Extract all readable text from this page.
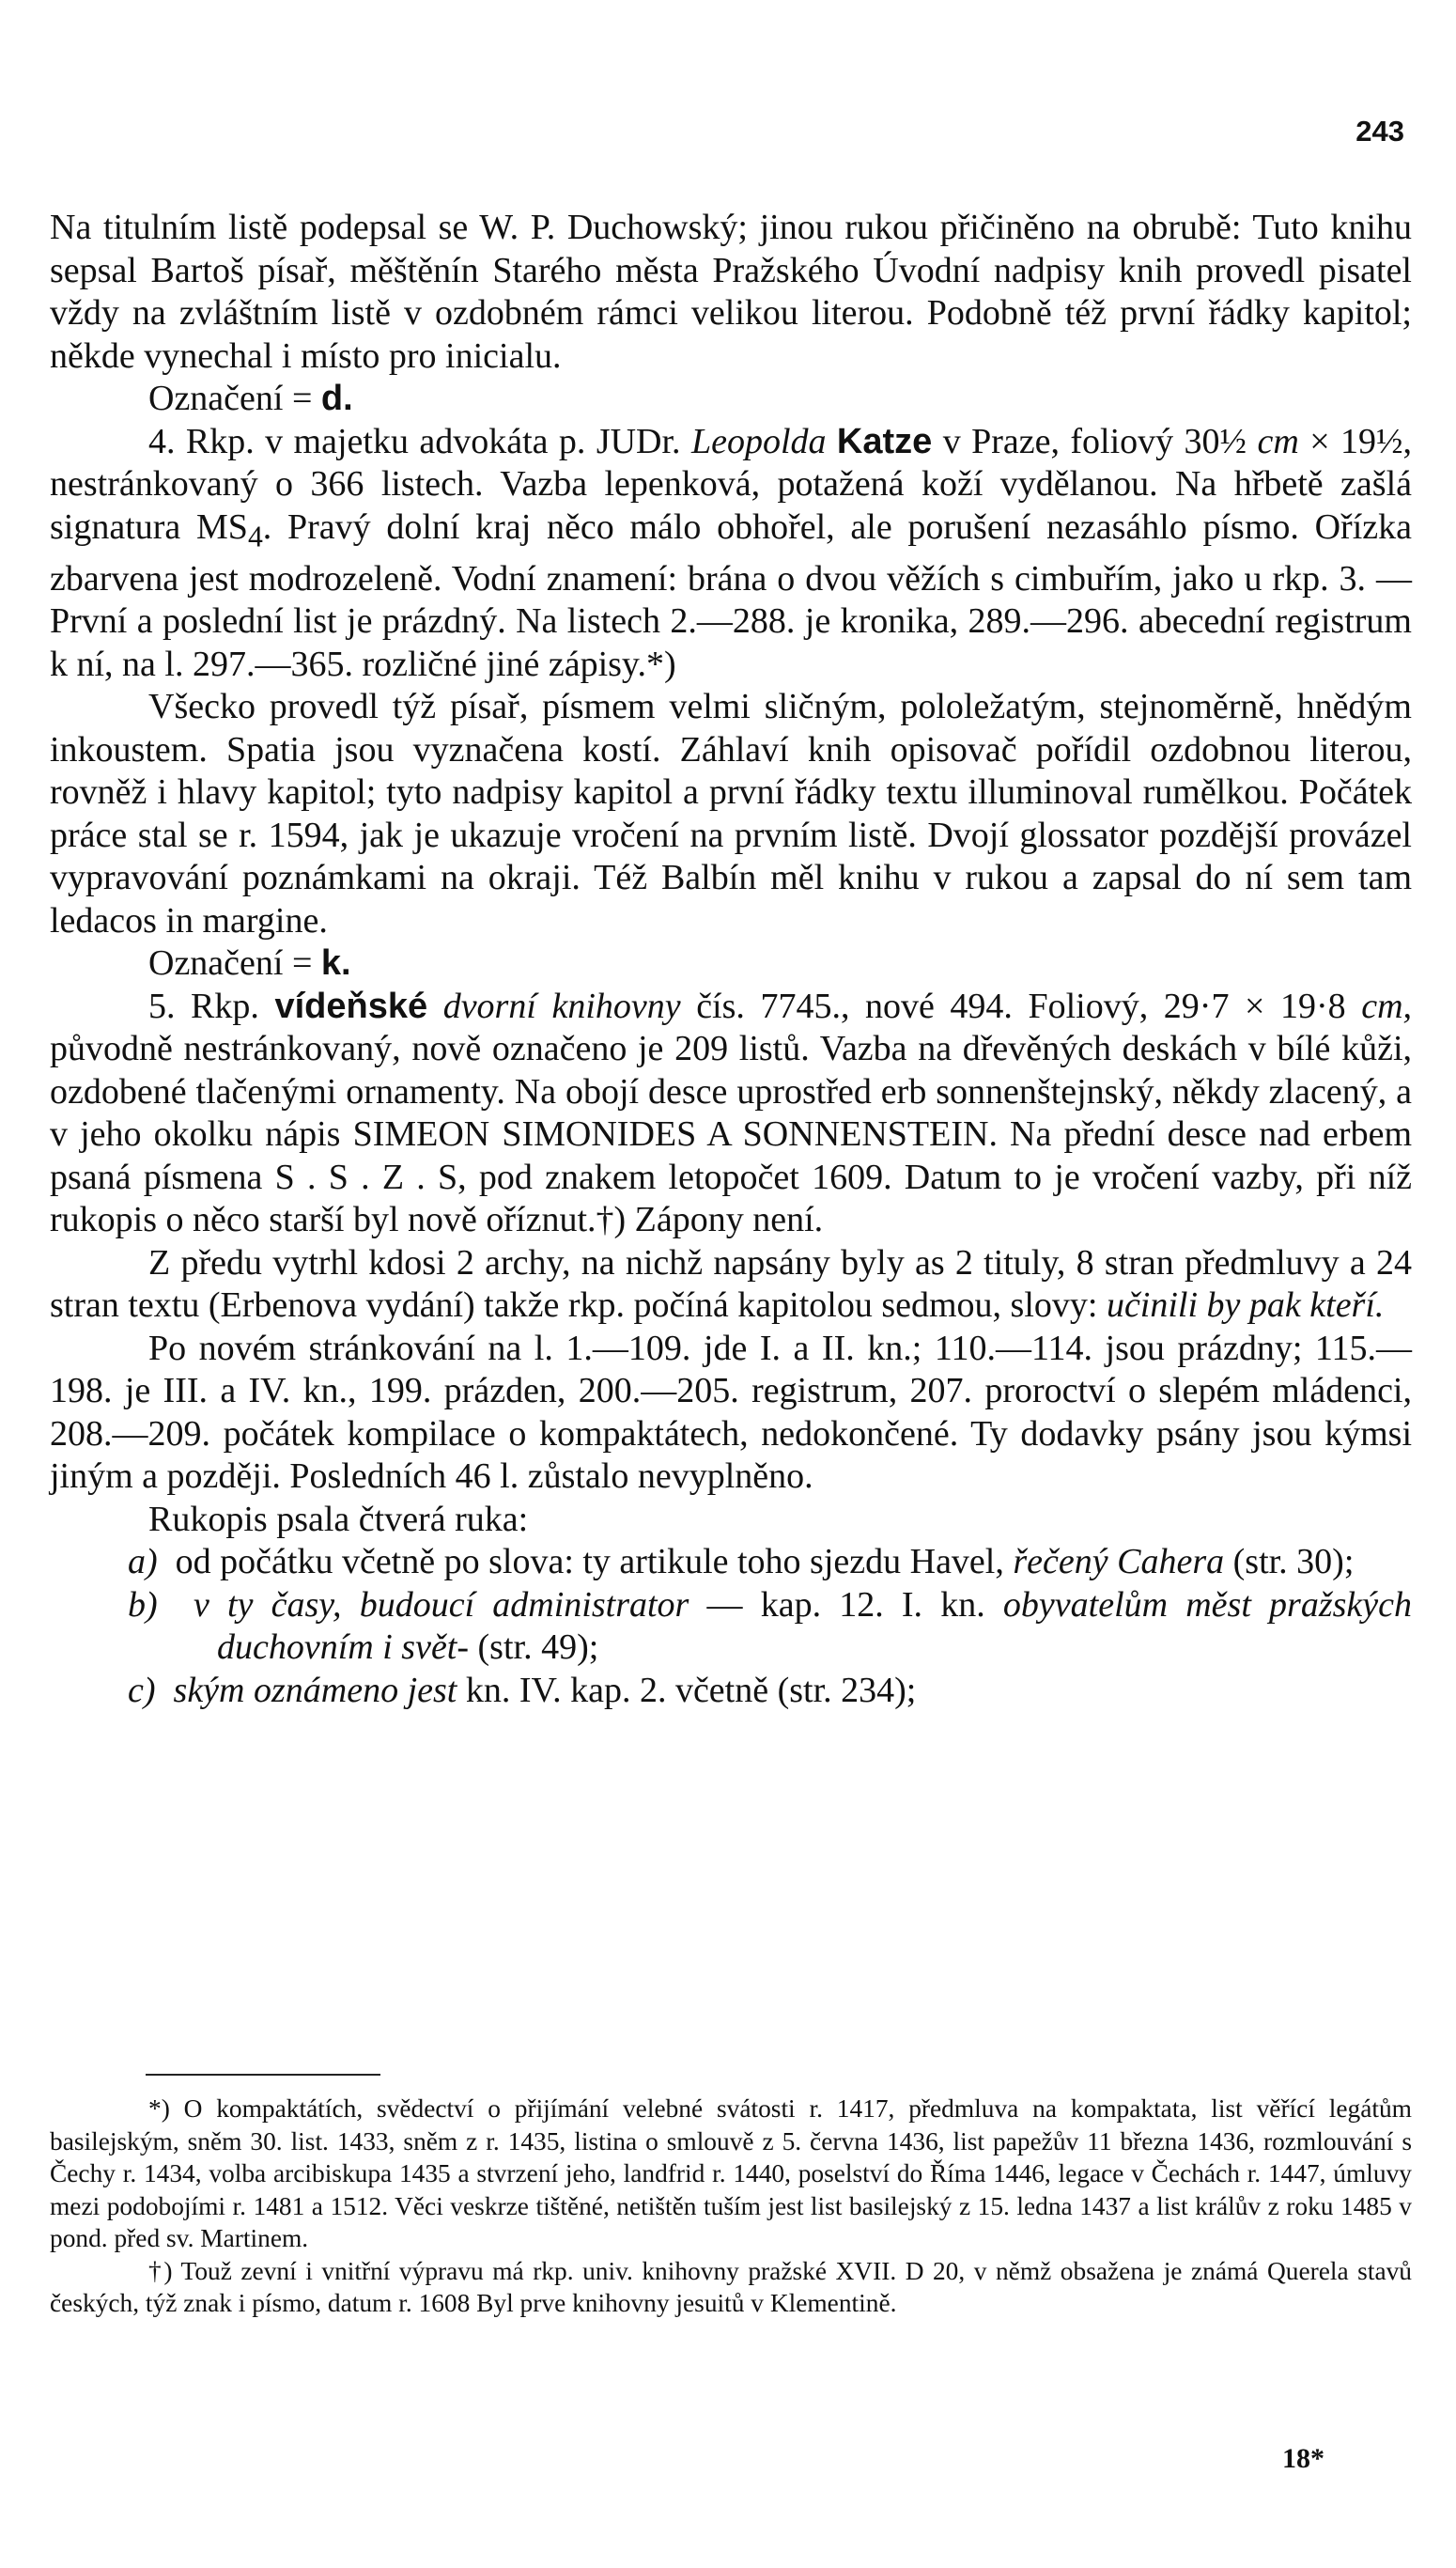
243

Na titulním listě podepsal se W. P. Duchowský; jinou rukou přičiněno na obrubě: Tuto knihu sepsal Bartoš písař, měštěnín Starého města Pražského Úvodní nadpisy knih provedl pisatel vždy na zvláštním listě v ozdobném rámci velikou literou. Podobně též první řádky kapitol; někde vynechal i místo pro inicialu.

Označení = d.

4. Rkp. v majetku advokáta p. JUDr. Leopolda Katze v Praze, foliový 30½ cm × 19½, nestránkovaný o 366 listech. Vazba lepenková, potažená koží vydělanou. Na hřbetě zašlá signatura $MS_4$. Pravý dolní kraj něco málo obhořel, ale porušení nezasáhlo písmo. Ořízka zbarvena jest modrozeleně. Vodní znamení: brána o dvou věžích s cimbuřím, jako u rkp. 3. — První a poslední list je prázdný. Na listech 2.—288. je kronika, 289.—296. abecední registrum k ní, na l. 297.—365. rozličné jiné zápisy.*)

Všecko provedl týž písař, písmem velmi sličným, pololežatým, stejnoměrně, hnědým inkoustem. Spatia jsou vyznačena kostí. Záhlaví knih opisovač pořídil ozdobnou literou, rovněž i hlavy kapitol; tyto nadpisy kapitol a první řádky textu illuminoval rumělkou. Počátek práce stal se r. 1594, jak je ukazuje vročení na prvním listě. Dvojí glossator pozdější provázel vypravování poznámkami na okraji. Též Balbín měl knihu v rukou a zapsal do ní sem tam ledacos in margine.

Označení = k.

5. Rkp. vídeňské dvorní knihovny čís. 7745., nové 494. Foliový, 29·7 × 19·8 cm, původně nestránkovaný, nově označeno je 209 listů. Vazba na dřevěných deskách v bílé kůži, ozdobené tlačenými ornamenty. Na obojí desce uprostřed erb sonnenštejnský, někdy zlacený, a v jeho okolku nápis SIMEON SIMONIDES A SONNENSTEIN. Na přední desce nad erbem psaná písmena S . S . Z . S, pod znakem letopočet 1609. Datum to je vročení vazby, při níž rukopis o něco starší byl nově oříznut.†) Zápony není.

Z předu vytrhl kdosi 2 archy, na nichž napsány byly as 2 tituly, 8 stran předmluvy a 24 stran textu (Erbenova vydání) takže rkp. počíná kapitolou sedmou, slovy: učinili by pak kteří.

Po novém stránkování na l. 1.—109. jde I. a II. kn.; 110.—114. jsou prázdny; 115.—198. je III. a IV. kn., 199. prázden, 200.—205. registrum, 207. proroctví o slepém mládenci, 208.—209. počátek kompilace o kompaktátech, nedokončené. Ty dodavky psány jsou kýmsi jiným a později. Posledních 46 l. zůstalo nevyplněno.

Rukopis psala čtverá ruka:

a) od počátku včetně po slova: ty artikule toho sjezdu Havel, řečený Cahera (str. 30);

b) v ty časy, budoucí administrator — kap. 12. I. kn. obyvatelům měst pražských duchovním i svět- (str. 49);

c) ským oznámeno jest kn. IV. kap. 2. včetně (str. 234);

*) O kompaktátích, svědectví o přijímání velebné svátosti r. 1417, předmluva na kompaktata, list věřící legátům basilejským, sněm 30. list. 1433, sněm z r. 1435, listina o smlouvě z 5. června 1436, list papežův 11 března 1436, rozmlouvání s Čechy r. 1434, volba arcibiskupa 1435 a stvrzení jeho, landfrid r. 1440, poselství do Říma 1446, legace v Čechách r. 1447, úmluvy mezi podobojími r. 1481 a 1512. Věci veskrze tištěné, netištěn tuším jest list basilejský z 15. ledna 1437 a list králův z roku 1485 v pond. před sv. Martinem.

†) Touž zevní i vnitřní výpravu má rkp. univ. knihovny pražské XVII. D 20, v němž obsažena je známá Querela stavů českých, týž znak i písmo, datum r. 1608 Byl prve knihovny jesuitů v Klementině.

18*
